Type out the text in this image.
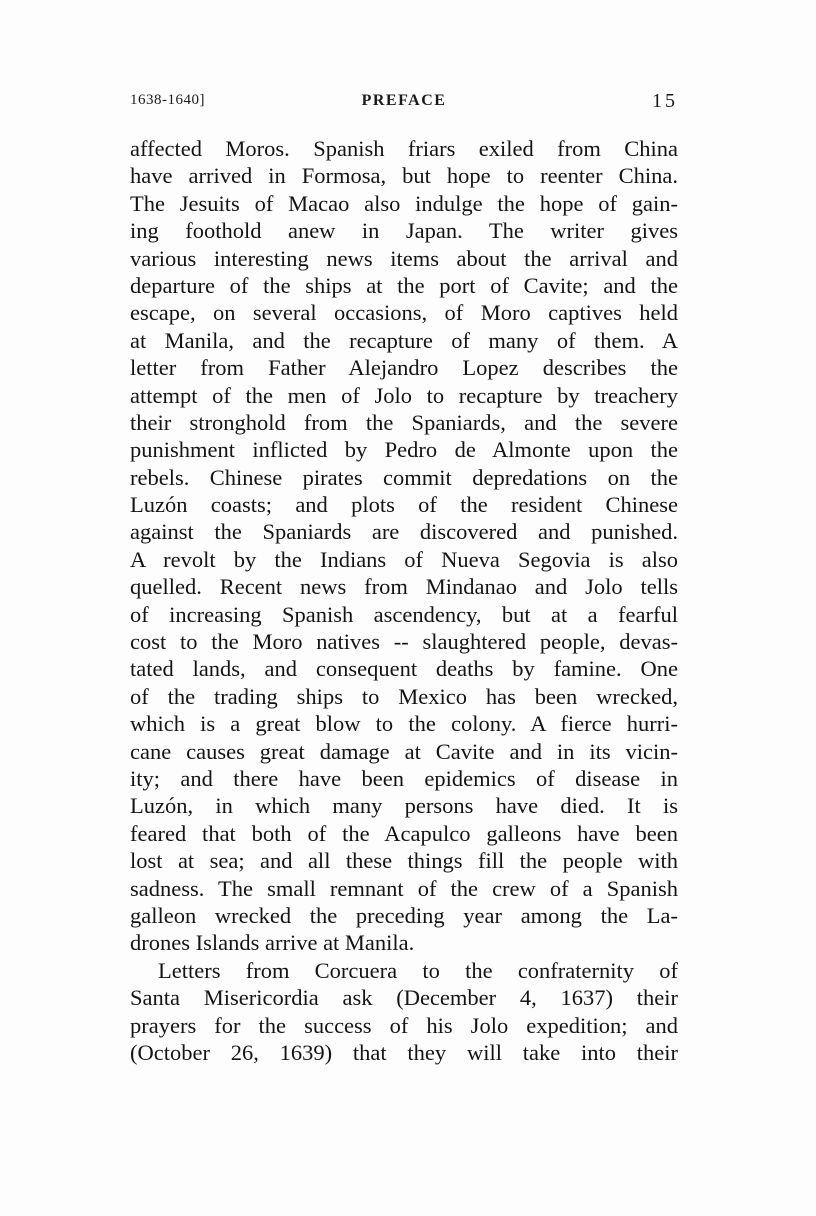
1638-1640]	PREFACE	15
affected Moros. Spanish friars exiled from China
have arrived in Formosa, but hope to reenter China.
The Jesuits of Macao also indulge the hope of gain-
ing foothold anew in Japan. The writer gives
various interesting news items about the arrival and
departure of the ships at the port of Cavite; and the
escape, on several occasions, of Moro captives held
at Manila, and the recapture of many of them. A
letter from Father Alejandro Lopez describes the
attempt of the men of Jolo to recapture by treachery
their stronghold from the Spaniards, and the severe
punishment inflicted by Pedro de Almonte upon the
rebels. Chinese pirates commit depredations on the
Luzón coasts; and plots of the resident Chinese
against the Spaniards are discovered and punished.
A revolt by the Indians of Nueva Segovia is also
quelled. Recent news from Mindanao and Jolo tells
of increasing Spanish ascendency, but at a fearful
cost to the Moro natives -- slaughtered people, devas-
tated lands, and consequent deaths by famine. One
of the trading ships to Mexico has been wrecked,
which is a great blow to the colony. A fierce hurri-
cane causes great damage at Cavite and in its vicin-
ity; and there have been epidemics of disease in
Luzón, in which many persons have died. It is
feared that both of the Acapulco galleons have been
lost at sea; and all these things fill the people with
sadness. The small remnant of the crew of a Spanish
galleon wrecked the preceding year among the La-
drones Islands arrive at Manila.
Letters from Corcuera to the confraternity of
Santa Misericordia ask (December 4, 1637) their
prayers for the success of his Jolo expedition; and
(October 26, 1639) that they will take into their
